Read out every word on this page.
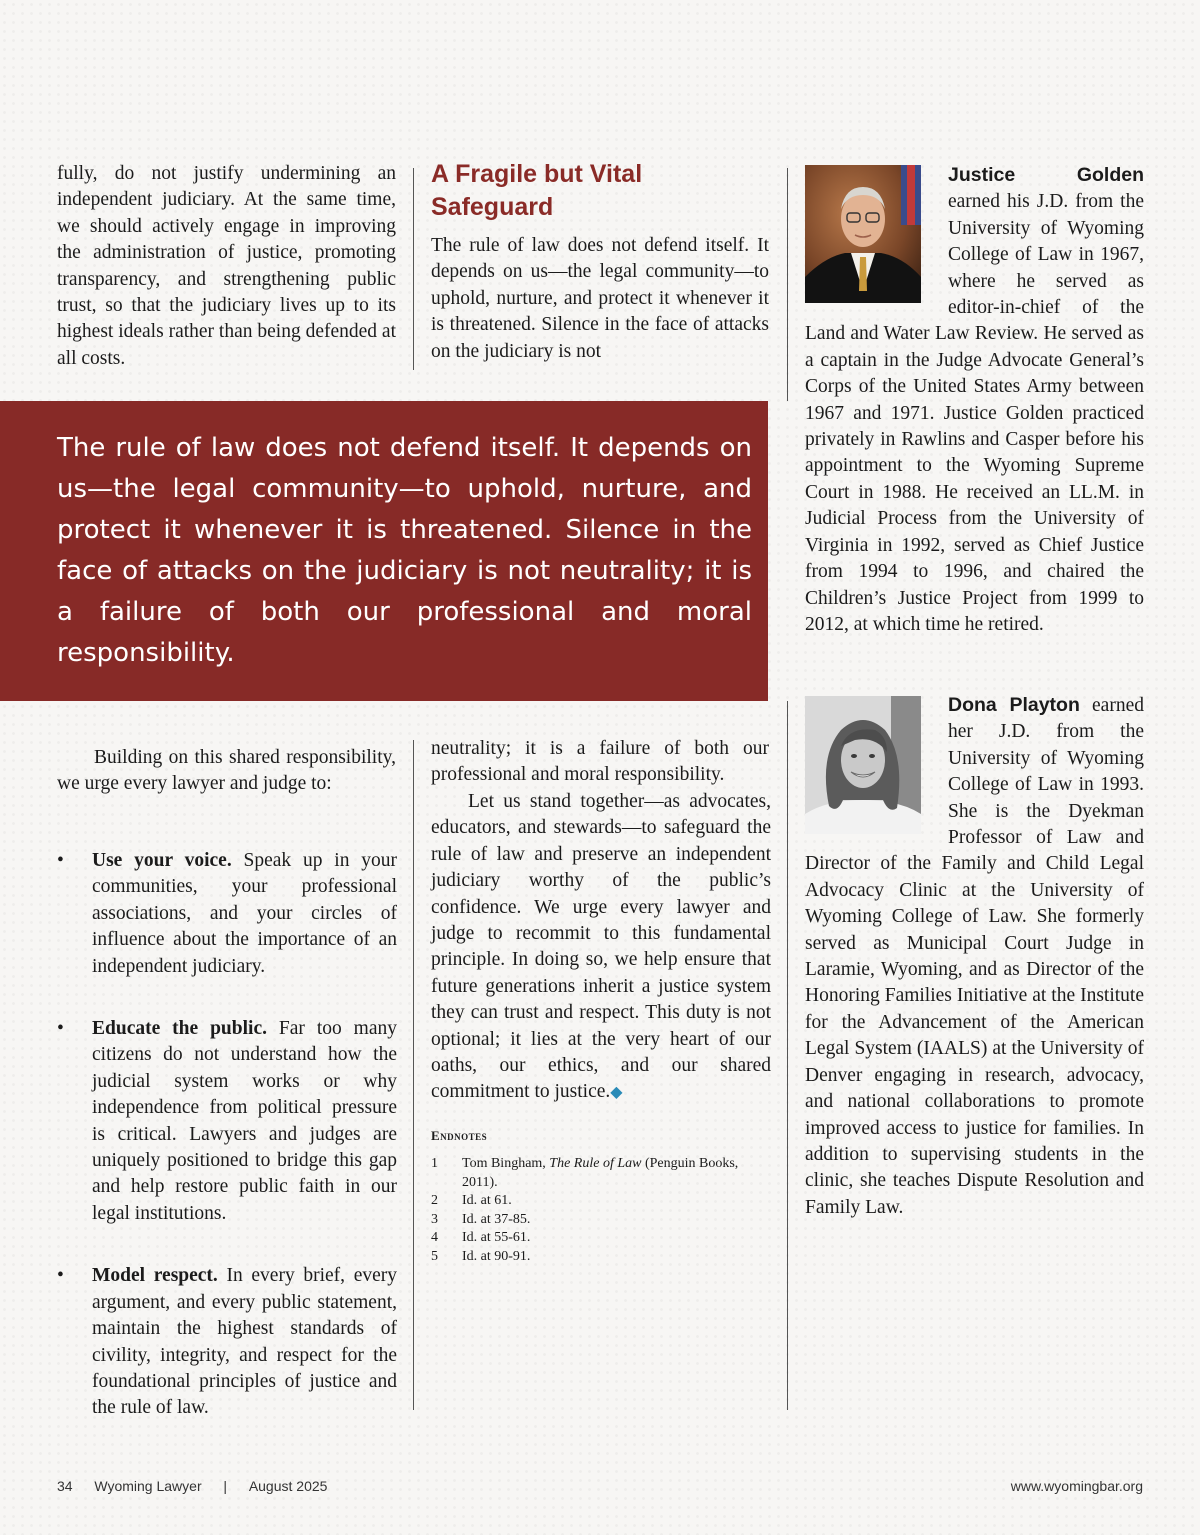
fully, do not justify undermining an independent judiciary. At the same time, we should actively engage in improving the administration of justice, promoting transparency, and strengthening public trust, so that the judiciary lives up to its highest ideals rather than being defended at all costs.

A Fragile but Vital Safeguard

The rule of law does not defend itself. It depends on us—the legal community—to uphold, nurture, and protect it whenever it is threatened. Silence in the face of attacks on the judiciary is not

The rule of law does not defend itself. It depends on us—the legal community—to uphold, nurture, and protect it whenever it is threatened. Silence in the face of attacks on the judiciary is not neutrality; it is a failure of both our professional and moral responsibility.

Building on this shared responsibility, we urge every lawyer and judge to:

• Use your voice. Speak up in your communities, your professional associations, and your circles of influence about the importance of an independent judiciary.
• Educate the public. Far too many citizens do not understand how the judicial system works or why independence from political pressure is critical. Lawyers and judges are uniquely positioned to bridge this gap and help restore public faith in our legal institutions.
• Model respect. In every brief, every argument, and every public statement, maintain the highest standards of civility, integrity, and respect for the foundational principles of justice and the rule of law.

neutrality; it is a failure of both our professional and moral responsibility.

Let us stand together—as advocates, educators, and stewards—to safeguard the rule of law and preserve an independent judiciary worthy of the public’s confidence. We urge every lawyer and judge to recommit to this fundamental principle. In doing so, we help ensure that future generations inherit a justice system they can trust and respect. This duty is not optional; it lies at the very heart of our oaths, our ethics, and our shared commitment to justice.◆

Endnotes
1 Tom Bingham, The Rule of Law (Penguin Books, 2011).
2 Id. at 61.
3 Id. at 37-85.
4 Id. at 55-61.
5 Id. at 90-91.
Justice Golden earned his J.D. from the University of Wyoming College of Law in 1967, where he served as editor-in-chief of the Land and Water Law Review. He served as a captain in the Judge Advocate General’s Corps of the United States Army between 1967 and 1971. Justice Golden practiced privately in Rawlins and Casper before his appointment to the Wyoming Supreme Court in 1988. He received an LL.M. in Judicial Process from the University of Virginia in 1992, served as Chief Justice from 1994 to 1996, and chaired the Children’s Justice Project from 1999 to 2012, at which time he retired.
Dona Playton earned her J.D. from the University of Wyoming College of Law in 1993. She is the Dyekman Professor of Law and Director of the Family and Child Legal Advocacy Clinic at the University of Wyoming College of Law. She formerly served as Municipal Court Judge in Laramie, Wyoming, and as Director of the Honoring Families Initiative at the Institute for the Advancement of the American Legal System (IAALS) at the University of Denver engaging in research, advocacy, and national collaborations to promote improved access to justice for families. In addition to supervising students in the clinic, she teaches Dispute Resolution and Family Law.
34 Wyoming Lawyer | August 2025	www.wyomingbar.org
